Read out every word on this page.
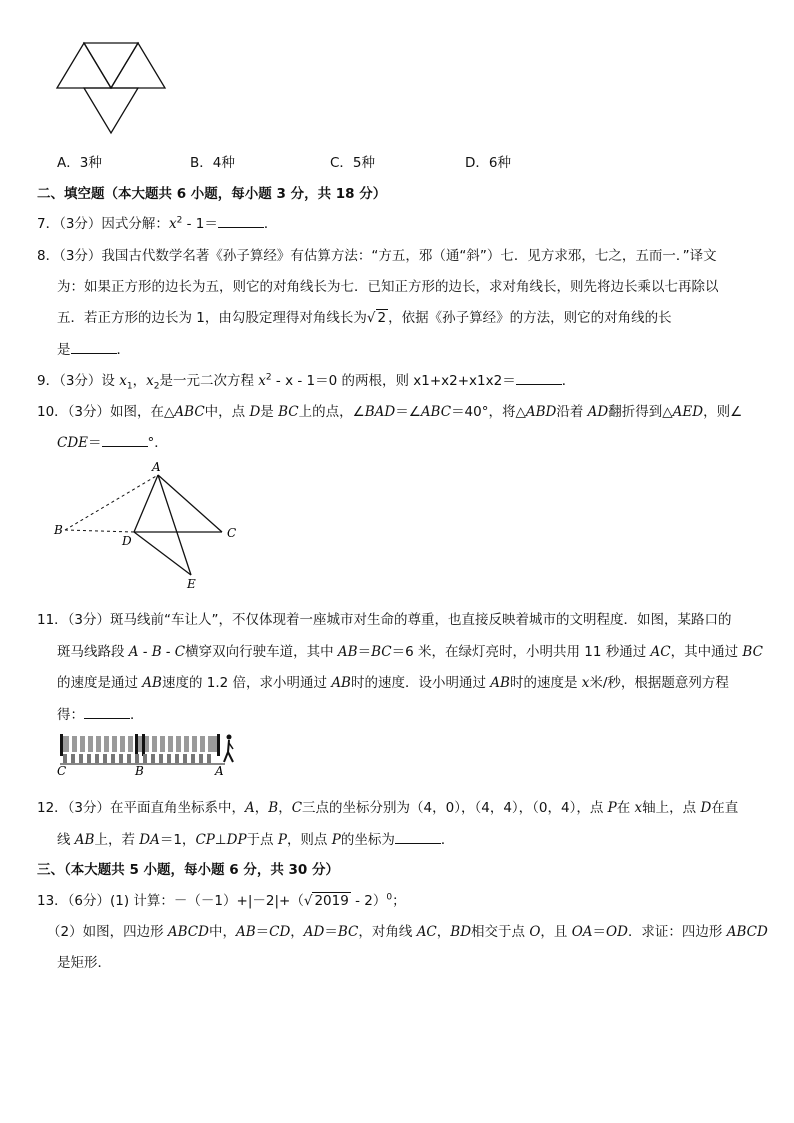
A．3种	B．4种	C．5种	D．6种
二、填空题（本大题共 6 小题，每小题 3 分，共 18 分）
7．（3分）因式分解：$x^2 - 1=$	．
8．（3分）我国古代数学名著《孙子算经》有估算方法：“方五，邪（通“斜”）七．见方求邪，七之，五而一．”译文
为：如果正方形的边长为五，则它的对角线长为七．已知正方形的边长，求对角线长，则先将边长乘以七再除以
五．若正方形的边长为 1，由勾股定理得对角线长为√ 2 ，依据《孙子算经》的方法，则它的对角线的长
是	．
9．（3分）设 $x_1$，$x_2$是一元二次方程 $x^2 - x - 1=0$ 的两根，则 x1+x2+x1x2＝	．
10．（3分）如图，在△ABC中，点 D是 BC上的点，∠BAD＝∠ABC＝40°，将△ABD沿着 AD翻折得到△AED，则∠
CDE＝	°．
A
B	C
D
E
11．（3分）斑马线前“车让人”，不仅体现着一座城市对生命的尊重，也直接反映着城市的文明程度．如图，某路口的
斑马线路段 A - B - C横穿双向行驶车道，其中 AB＝BC＝6 米，在绿灯亮时，小明共用 11 秒通过 AC，其中通过 BC
的速度是通过 AB速度的 1.2 倍，求小明通过 AB时的速度．设小明通过 AB时的速度是 x米/秒，根据题意列方程
得：	．
C	B	A
12．（3分）在平面直角坐标系中，A，B，C三点的坐标分别为（4，0），（4，4），（0，4），点 P在 x轴上，点 D在直
线 AB上，若 DA＝1，CP⊥DP于点 P，则点 P的坐标为	．
三、（本大题共 5 小题，每小题 6 分，共 30 分）
13．（6分）(1) 计算：－（－1）+|－2|+（√ 2019 - 2）$^0$；
（2）如图，四边形 ABCD中，AB＝CD，AD＝BC，对角线 AC，BD相交于点 O，且 OA＝OD．求证：四边形 ABCD
是矩形．
